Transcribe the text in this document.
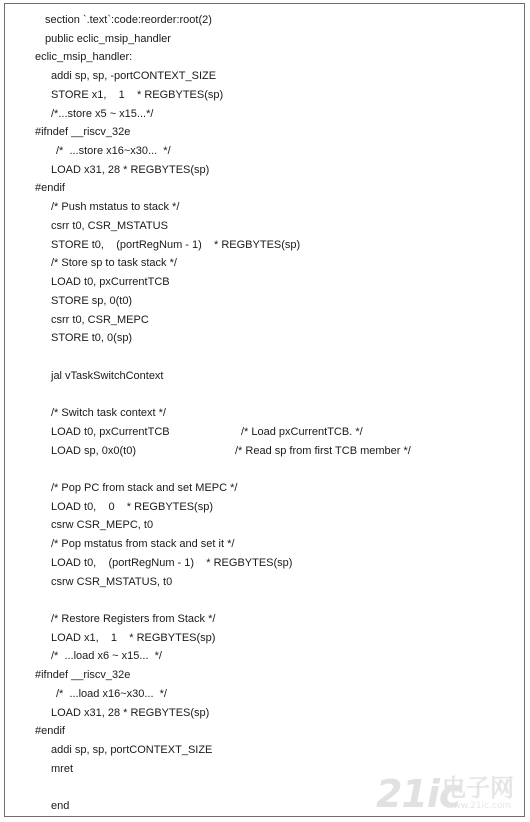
section `.text`:code:reorder:root(2)
public eclic_msip_handler
eclic_msip_handler:
addi sp, sp, -portCONTEXT_SIZE
STORE x1,    1    * REGBYTES(sp)
/*...store x5 ~ x15...*/
#ifndef __riscv_32e
/*  ...store x16~x30...  */
LOAD x31, 28 * REGBYTES(sp)
#endif
/* Push mstatus to stack */
csrr t0, CSR_MSTATUS
STORE t0,    (portRegNum - 1)    * REGBYTES(sp)
/* Store sp to task stack */
LOAD t0, pxCurrentTCB
STORE sp, 0(t0)
csrr t0, CSR_MEPC
STORE t0, 0(sp)
jal vTaskSwitchContext
/* Switch task context */
LOAD t0, pxCurrentTCB	/* Load pxCurrentTCB. */
LOAD sp, 0x0(t0)	/* Read sp from first TCB member */
/* Pop PC from stack and set MEPC */
LOAD t0,    0    * REGBYTES(sp)
csrw CSR_MEPC, t0
/* Pop mstatus from stack and set it */
LOAD t0,    (portRegNum - 1)    * REGBYTES(sp)
csrw CSR_MSTATUS, t0
/* Restore Registers from Stack */
LOAD x1,    1    * REGBYTES(sp)
/*  ...load x6 ~ x15...  */
#ifndef __riscv_32e
/*  ...load x16~x30...  */
LOAD x31, 28 * REGBYTES(sp)
#endif
addi sp, sp, portCONTEXT_SIZE
mret
end	21ic
电子网
www.21ic.com
